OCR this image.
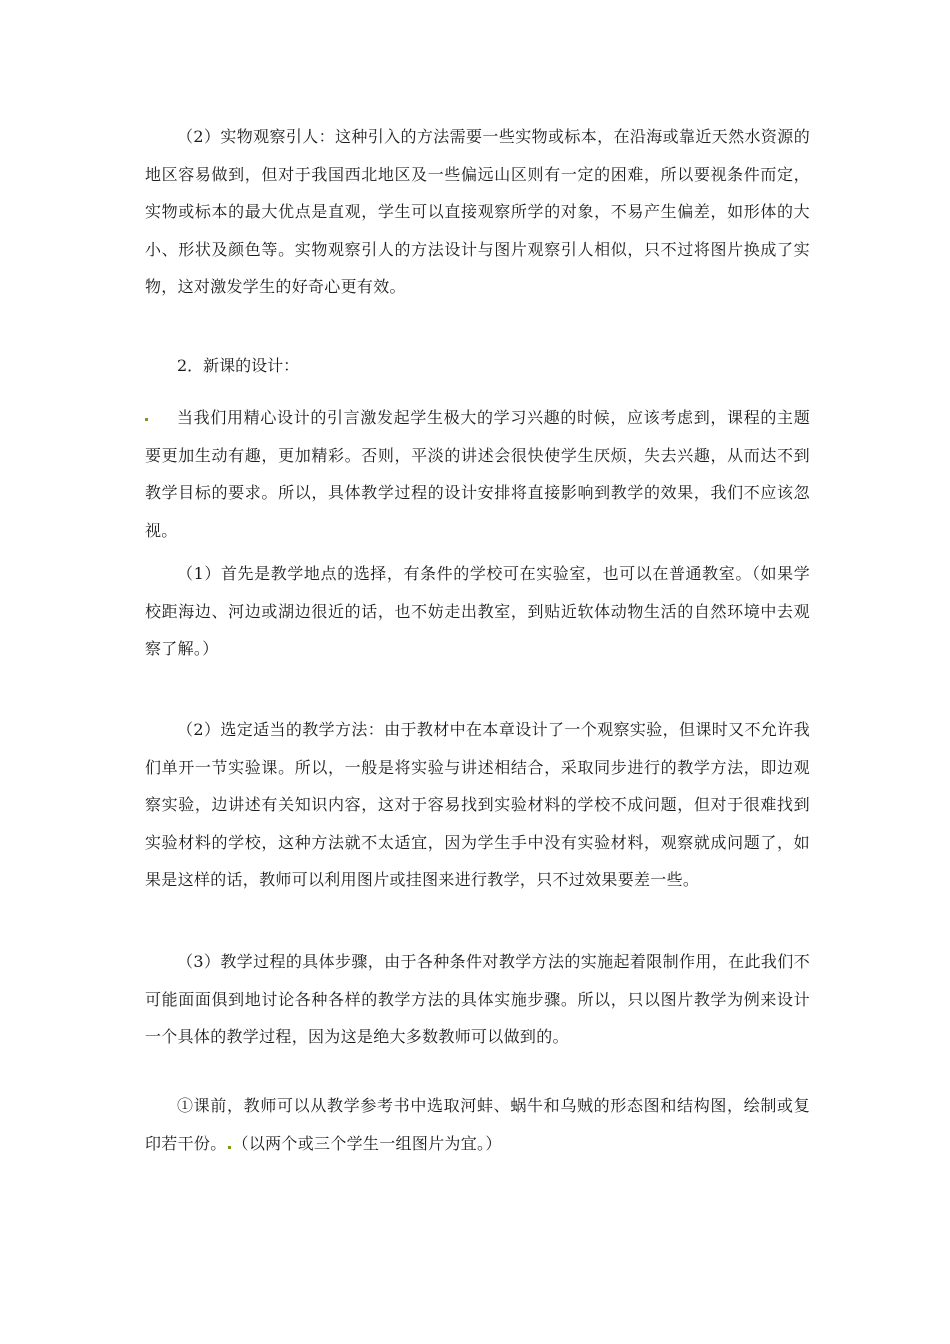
（2）实物观察引人：这种引入的方法需要一些实物或标本，在沿海或靠近天然水资源的地区容易做到，但对于我国西北地区及一些偏远山区则有一定的困难，所以要视条件而定，实物或标本的最大优点是直观，学生可以直接观察所学的对象，不易产生偏差，如形体的大小、形状及颜色等。实物观察引人的方法设计与图片观察引人相似，只不过将图片换成了实物，这对激发学生的好奇心更有效。

2．新课的设计：

当我们用精心设计的引言激发起学生极大的学习兴趣的时候，应该考虑到，课程的主题要更加生动有趣，更加精彩。否则，平淡的讲述会很快使学生厌烦，失去兴趣，从而达不到教学目标的要求。所以，具体教学过程的设计安排将直接影响到教学的效果，我们不应该忽视。

（1）首先是教学地点的选择，有条件的学校可在实验室，也可以在普通教室。（如果学校距海边、河边或湖边很近的话，也不妨走出教室，到贴近软体动物生活的自然环境中去观察了解。）

（2）选定适当的教学方法：由于教材中在本章设计了一个观察实验，但课时又不允许我们单开一节实验课。所以，一般是将实验与讲述相结合，采取同步进行的教学方法，即边观察实验，边讲述有关知识内容，这对于容易找到实验材料的学校不成问题，但对于很难找到实验材料的学校，这种方法就不太适宜，因为学生手中没有实验材料，观察就成问题了，如果是这样的话，教师可以利用图片或挂图来进行教学，只不过效果要差一些。

（3）教学过程的具体步骤，由于各种条件对教学方法的实施起着限制作用，在此我们不可能面面俱到地讨论各种各样的教学方法的具体实施步骤。所以，只以图片教学为例来设计一个具体的教学过程，因为这是绝大多数教师可以做到的。

①课前，教师可以从教学参考书中选取河蚌、蜗牛和乌贼的形态图和结构图，绘制或复印若干份。 （以两个或三个学生一组图片为宜。）
